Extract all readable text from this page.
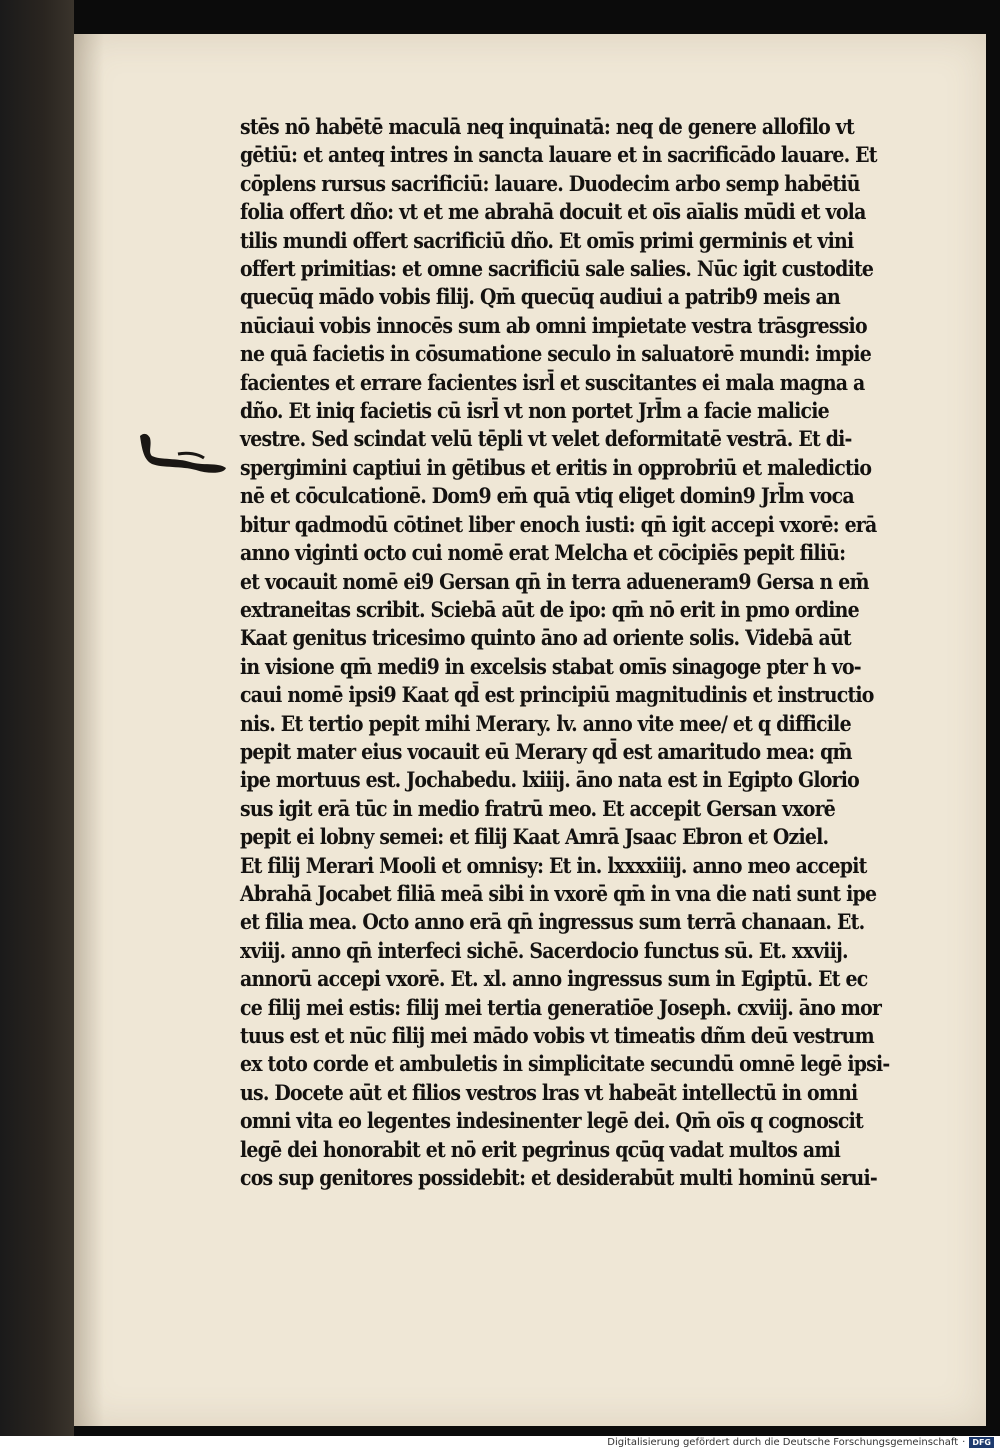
stēs nō habētē maculā neq inquinatā: neq de genere allofilo vt
gētiū: et anteq intres in sancta lauare et in sacrificādo lauare. Et
cōplens rursus sacrificiū: lauare. Duodecim arbo semp habētiū
folia offert dño: vt et me abrahā docuit et oīs aīalis mūdi et vola
tilis mundi offert sacrificiū dño. Et omīs primi germinis et vini
offert primitias: et omne sacrificiū sale salies. Nūc igit custodite
quecūq mādo vobis filij. Qm̄ quecūq audiui a patrib9 meis an
nūciaui vobis innocēs sum ab omni impietate vestra trāsgressio
ne quā facietis in cōsumatione seculo in saluatorē mundi: impie
facientes et errare facientes isrl̄ et suscitantes ei mala magna a
dño. Et iniq facietis cū isrl̄ vt non portet Jrl̄m a facie malicie
vestre. Sed scindat velū tēpli vt velet deformitatē vestrā. Et di-
spergimini captiui in gētibus et eritis in opprobriū et maledictio
nē et cōculcationē. Dom9 em̄ quā vtiq eliget domin9 Jrl̄m voca
bitur qadmodū cōtinet liber enoch iusti: qn̄ igit accepi vxorē: erā
anno viginti octo cui nomē erat Melcha et cōcipiēs pepit filiū:
et vocauit nomē ei9 Gersan qn̄ in terra adueneram9 Gersa n em̄
extraneitas scribit. Sciebā aūt de ipo: qm̄ nō erit in pmo ordine
Kaat genitus tricesimo quinto āno ad oriente solis. Videbā aūt
in visione qm̄ medi9 in excelsis stabat omīs sinagoge pter h vo-
caui nomē ipsi9 Kaat qd̄ est principiū magnitudinis et instructio
nis. Et tertio pepit mihi Merary. lv. anno vite mee/ et q difficile
pepit mater eius vocauit eū Merary qd̄ est amaritudo mea: qm̄
ipe mortuus est. Jochabedu. lxiiij. āno nata est in Egipto Glorio
sus igit erā tūc in medio fratrū meo. Et accepit Gersan vxorē
pepit ei lobny semei: et filij Kaat Amrā Jsaac Ebron et Oziel.
Et filij Merari Mooli et omnisy: Et in. lxxxxiiij. anno meo accepit
Abrahā Jocabet filiā meā sibi in vxorē qm̄ in vna die nati sunt ipe
et filia mea. Octo anno erā qn̄ ingressus sum terrā chanaan. Et.
xviij. anno qn̄ interfeci sichē. Sacerdocio functus sū. Et. xxviij.
annorū accepi vxorē. Et. xl. anno ingressus sum in Egiptū. Et ec
ce filij mei estis: filij mei tertia generatiōe Joseph. cxviij. āno mor
tuus est et nūc filij mei mādo vobis vt timeatis dñm deū vestrum
ex toto corde et ambuletis in simplicitate secundū omnē legē ipsi-
us. Docete aūt et filios vestros lras vt habeāt intellectū in omni
omni vita eo legentes indesinenter legē dei. Qm̄ oīs q cognoscit
legē dei honorabit et nō erit pegrinus qcūq vadat multos ami
cos sup genitores possidebit: et desiderabūt multi hominū serui-
Digitalisierung gefördert durch die Deutsche Forschungsgemeinschaft · DFG
